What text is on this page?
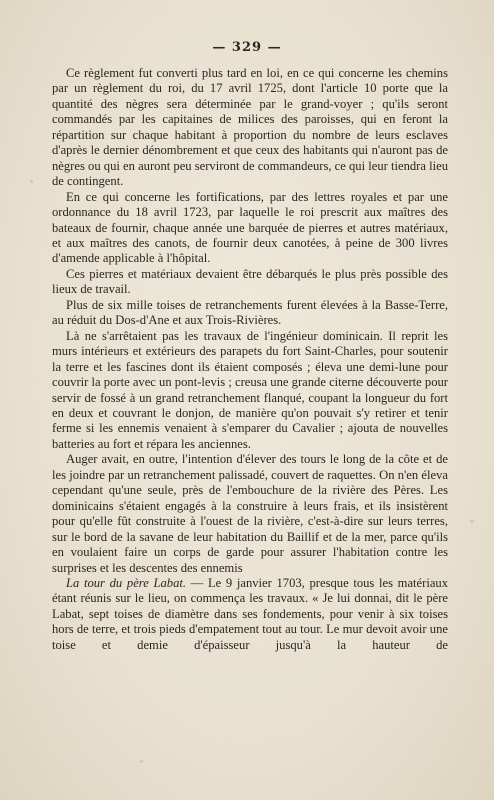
— 329 —

Ce règlement fut converti plus tard en loi, en ce qui concerne les chemins par un règlement du roi, du 17 avril 1725, dont l'article 10 porte que la quantité des nègres sera déterminée par le grand-voyer ; qu'ils seront commandés par les capitaines de milices des paroisses, qui en feront la répartition sur chaque habitant à proportion du nombre de leurs esclaves d'après le dernier dénombrement et que ceux des habitants qui n'auront pas de nègres ou qui en auront peu serviront de commandeurs, ce qui leur tiendra lieu de contingent.

En ce qui concerne les fortifications, par des lettres royales et par une ordonnance du 18 avril 1723, par laquelle le roi prescrit aux maîtres des bateaux de fournir, chaque année une barquée de pierres et autres matériaux, et aux maîtres des canots, de fournir deux canotées, à peine de 300 livres d'amende applicable à l'hôpital.

Ces pierres et matériaux devaient être débarqués le plus près possible des lieux de travail.

Plus de six mille toises de retranchements furent élevées à la Basse-Terre, au réduit du Dos-d'Ane et aux Trois-Rivières.

Là ne s'arrêtaient pas les travaux de l'ingénieur dominicain. Il reprit les murs intérieurs et extérieurs des parapets du fort Saint-Charles, pour soutenir la terre et les fascines dont ils étaient composés ; éleva une demi-lune pour couvrir la porte avec un pont-levis ; creusa une grande citerne découverte pour servir de fossé à un grand retranchement flanqué, coupant la longueur du fort en deux et couvrant le donjon, de manière qu'on pouvait s'y retirer et tenir ferme si les ennemis venaient à s'emparer du Cavalier ; ajouta de nouvelles batteries au fort et répara les anciennes.

Auger avait, en outre, l'intention d'élever des tours le long de la côte et de les joindre par un retranchement palissadé, couvert de raquettes. On n'en éleva cependant qu'une seule, près de l'embouchure de la rivière des Pères. Les dominicains s'étaient engagés à la construire à leurs frais, et ils insistèrent pour qu'elle fût construite à l'ouest de la rivière, c'est-à-dire sur leurs terres, sur le bord de la savane de leur habitation du Baillif et de la mer, parce qu'ils en voulaient faire un corps de garde pour assurer l'habitation contre les surprises et les descentes des ennemis

La tour du père Labat. — Le 9 janvier 1703, presque tous les matériaux étant réunis sur le lieu, on commença les travaux. « Je lui donnai, dit le père Labat, sept toises de diamètre dans ses fondements, pour venir à six toises hors de terre, et trois pieds d'empatement tout au tour. Le mur devoit avoir une toise et demie d'épaisseur jusqu'à la hauteur de
